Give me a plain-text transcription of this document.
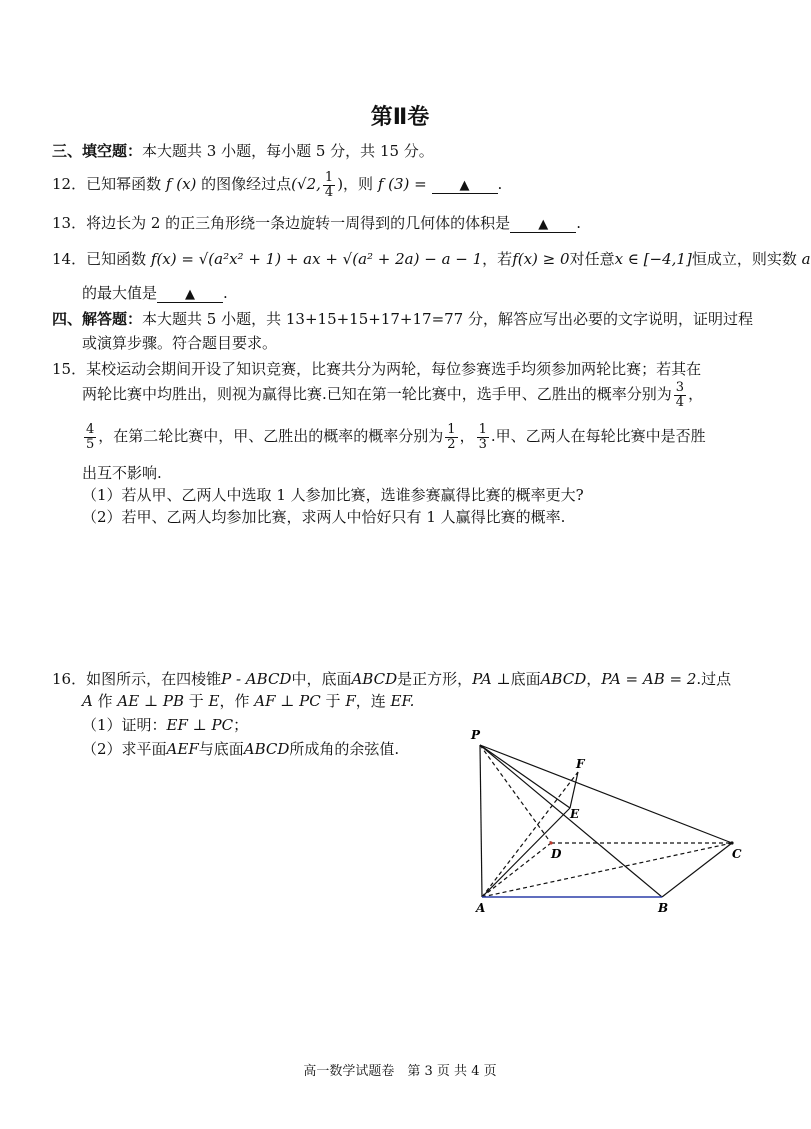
第Ⅱ卷
三、填空题：本大题共 3 小题，每小题 5 分，共 15 分。
12．已知幂函数 f (x) 的图像经过点(√2, $\frac{1}{4}$ )，则 f (3) =	▲ .
13．将边长为 2 的正三角形绕一条边旋转一周得到的几何体的体积是 ▲ .
14．已知函数 f(x) = √(a²x² + 1) + ax + √(a² + 2a) − a − 1，若f(x) ≥ 0对任意x ∈ [−4,1]恒成立，则实数 a
的最大值是 ▲ .
四、解答题：本大题共 5 小题，共 13+15+15+17+17=77 分，解答应写出必要的文字说明，证明过程
或演算步骤。符合题目要求。
15．某校运动会期间开设了知识竞赛，比赛共分为两轮，每位参赛选手均须参加两轮比赛；若其在
两轮比赛中均胜出，则视为赢得比赛.已知在第一轮比赛中，选手甲、乙胜出的概率分别为 $\frac{3}{4}$ ，
$\frac{4}{5}$ ，在第二轮比赛中，甲、乙胜出的概率的概率分别为 $\frac{1}{2}$ ， $\frac{1}{3}$ .甲、乙两人在每轮比赛中是否胜
出互不影响.
（1）若从甲、乙两人中选取 1 人参加比赛，选谁参赛赢得比赛的概率更大?
（2）若甲、乙两人均参加比赛，求两人中恰好只有 1 人赢得比赛的概率.
16．如图所示，在四棱锥P - ABCD中，底面ABCD是正方形，PA ⊥底面ABCD，PA = AB = 2.过点
A 作 AE ⊥ PB 于 E，作 AF ⊥ PC 于 F，连 EF.
（1）证明：EF ⊥ PC；
（2）求平面AEF与底面ABCD所成角的余弦值.
P
F
E
D	C
A	B
高一数学试题卷　第 3 页 共 4 页
